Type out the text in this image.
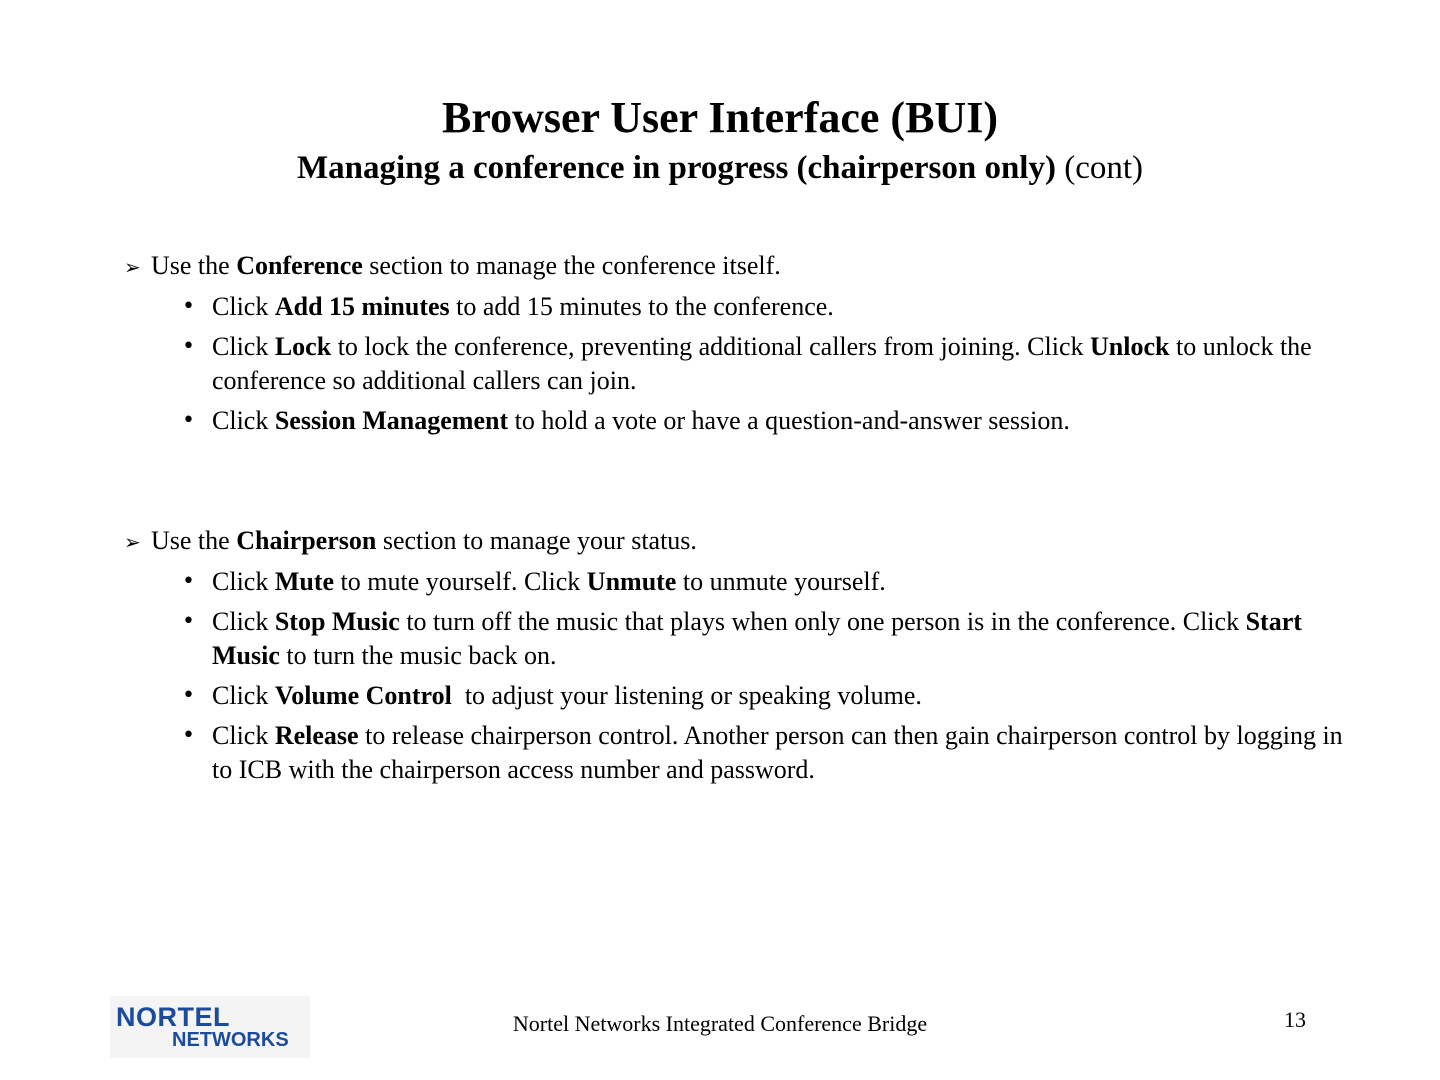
Browser User Interface (BUI)

Managing a conference in progress (chairperson only) (cont)

➢ Use the Conference section to manage the conference itself.
• Click Add 15 minutes to add 15 minutes to the conference.
• Click Lock to lock the conference, preventing additional callers from joining. Click Unlock to unlock the conference so additional callers can join.
• Click Session Management to hold a vote or have a question-and-answer session.
➢ Use the Chairperson section to manage your status.
• Click Mute to mute yourself. Click Unmute to unmute yourself.
• Click Stop Music to turn off the music that plays when only one person is in the conference. Click Start Music to turn the music back on.
• Click Volume Control  to adjust your listening or speaking volume.
• Click Release to release chairperson control. Another person can then gain chairperson control by logging in to ICB with the chairperson access number and password.
NORTEL
NETWORKS
Nortel Networks Integrated Conference Bridge	13
